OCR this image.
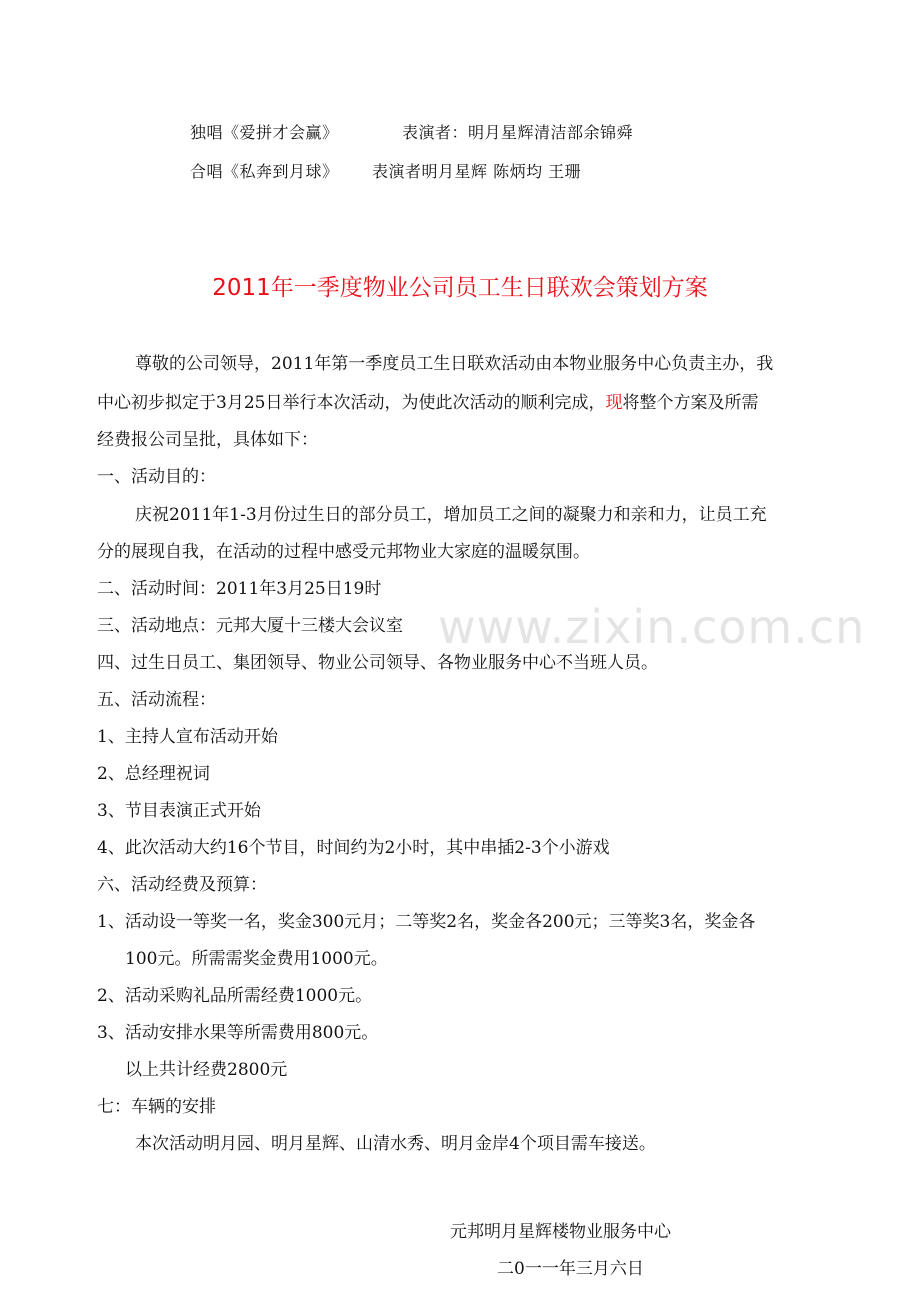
独唱《爱拼才会赢》	表演者：明月星辉清洁部余锦舜
合唱《私奔到月球》 表演者明月星辉 陈炳均 王珊
2011年一季度物业公司员工生日联欢会策划方案
尊敬的公司领导，2011年第一季度员工生日联欢活动由本物业服务中心负责主办，我
中心初步拟定于3月25日举行本次活动，为使此次活动的顺利完成，现将整个方案及所需
经费报公司呈批，具体如下：
一、活动目的：
庆祝2011年1-3月份过生日的部分员工，增加员工之间的凝聚力和亲和力，让员工充
分的展现自我，在活动的过程中感受元邦物业大家庭的温暖氛围。
二、活动时间：2011年3月25日19时
三、活动地点：元邦大厦十三楼大会议室
四、过生日员工、集团领导、物业公司领导、各物业服务中心不当班人员。
五、活动流程：
1、主持人宣布活动开始
2、总经理祝词
3、节目表演正式开始
4、此次活动大约16个节目，时间约为2小时，其中串插2-3个小游戏
六、活动经费及预算：
1、活动设一等奖一名，奖金300元月；二等奖2名，奖金各200元；三等奖3名，奖金各
100元。所需需奖金费用1000元。
2、活动采购礼品所需经费1000元。
3、活动安排水果等所需费用800元。
以上共计经费2800元
七：车辆的安排
本次活动明月园、明月星辉、山清水秀、明月金岸4个项目需车接送。
元邦明月星辉楼物业服务中心
二0一一年三月六日
www.zixin.com.cn
